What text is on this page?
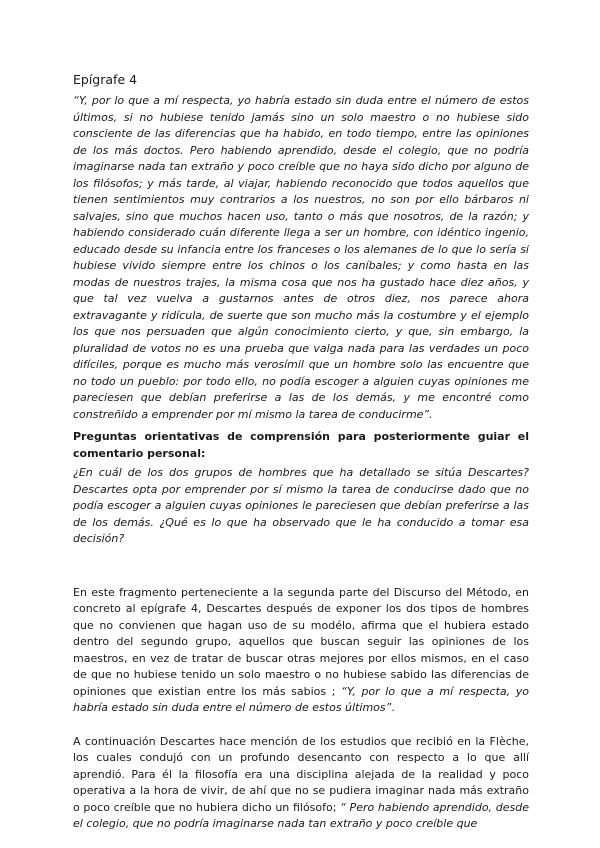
Epígrafe 4

“Y, por lo que a mí respecta, yo habría estado sin duda entre el número de estos últimos, si no hubiese tenido jamás sino un solo maestro o no hubiese sido consciente de las diferencias que ha habido, en todo tiempo, entre las opiniones de los más doctos. Pero habiendo aprendido, desde el colegio, que no podría imaginarse nada tan extraño y poco creíble que no haya sido dicho por alguno de los filósofos; y más tarde, al viajar, habiendo reconocido que todos aquellos que tienen sentimientos muy contrarios a los nuestros, no son por ello bárbaros ni salvajes, sino que muchos hacen uso, tanto o más que nosotros, de la razón; y habiendo considerado cuán diferente llega a ser un hombre, con idéntico ingenio, educado desde su infancia entre los franceses o los alemanes de lo que lo sería si hubiese vivido siempre entre los chinos o los caníbales; y como hasta en las modas de nuestros trajes, la misma cosa que nos ha gustado hace diez años, y que tal vez vuelva a gustarnos antes de otros diez, nos parece ahora extravagante y ridícula, de suerte que son mucho más la costumbre y el ejemplo los que nos persuaden que algún conocimiento cierto, y que, sin embargo, la pluralidad de votos no es una prueba que valga nada para las verdades un poco difíciles, porque es mucho más verosímil que un hombre solo las encuentre que no todo un pueblo: por todo ello, no podía escoger a alguien cuyas opiniones me pareciesen que debían preferirse a las de los demás, y me encontré como constreñido a emprender por mí mismo la tarea de conducirme”.

Preguntas orientativas de comprensión para posteriormente guiar el comentario personal:

¿En cuál de los dos grupos de hombres que ha detallado se sitúa Descartes? Descartes opta por emprender por sí mismo la tarea de conducirse dado que no podía escoger a alguien cuyas opiniones le pareciesen que debían preferirse a las de los demás. ¿Qué es lo que ha observado que le ha conducido a tomar esa decisión?

En este fragmento perteneciente a la segunda parte del Discurso del Método, en concreto al epígrafe 4, Descartes después de exponer los dos tipos de hombres que no convienen que hagan uso de su modélo, afirma que el hubiera estado dentro del segundo grupo, aquellos que buscan seguir las opiniones de los maestros, en vez de tratar de buscar otras mejores por ellos mismos, en el caso de que no hubiese tenido un solo maestro o no hubiese sabido las diferencias de opiniones que existian entre los más sabios ; “Y, por lo que a mí respecta, yo habría estado sin duda entre el número de estos últimos”.

A continuación Descartes hace mención de los estudios que recibió en la Flèche, los cuales condujó con un profundo desencanto con respecto a lo que allí aprendió. Para él la filosofía era una disciplina alejada de la realidad y poco operativa a la hora de vivir, de ahí que no se pudiera imaginar nada más extraño o poco creíble que no hubiera dicho un filósofo; “ Pero habiendo aprendido, desde el colegio, que no podría imaginarse nada tan extraño y poco creíble que
